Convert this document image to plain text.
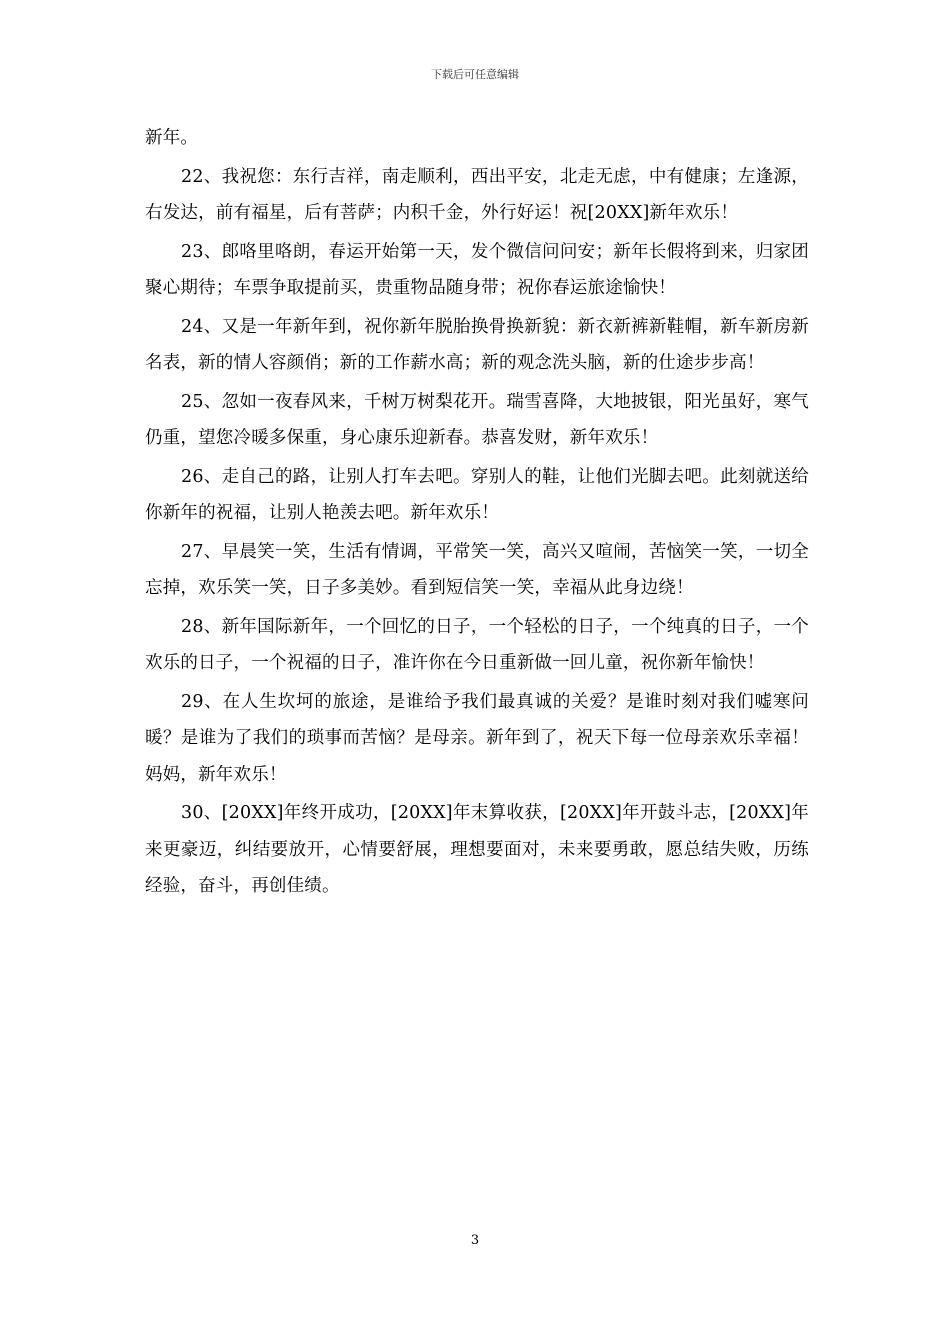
下载后可任意编辑

新年。

22、我祝您：东行吉祥，南走顺利，西出平安，北走无虑，中有健康；左逢源，右发达，前有福星，后有菩萨；内积千金，外行好运！祝[20XX]新年欢乐！

23、郎咯里咯朗，春运开始第一天，发个微信问问安；新年长假将到来，归家团聚心期待；车票争取提前买，贵重物品随身带；祝你春运旅途愉快！

24、又是一年新年到，祝你新年脱胎换骨换新貌：新衣新裤新鞋帽，新车新房新名表，新的情人容颜俏；新的工作薪水高；新的观念洗头脑，新的仕途步步高！

25、忽如一夜春风来，千树万树梨花开。瑞雪喜降，大地披银，阳光虽好，寒气仍重，望您冷暖多保重，身心康乐迎新春。恭喜发财，新年欢乐！

26、走自己的路，让别人打车去吧。穿别人的鞋，让他们光脚去吧。此刻就送给你新年的祝福，让别人艳羡去吧。新年欢乐！

27、早晨笑一笑，生活有情调，平常笑一笑，高兴又喧闹，苦恼笑一笑，一切全忘掉，欢乐笑一笑，日子多美妙。看到短信笑一笑，幸福从此身边绕！

28、新年国际新年，一个回忆的日子，一个轻松的日子，一个纯真的日子，一个欢乐的日子，一个祝福的日子，准许你在今日重新做一回儿童，祝你新年愉快！

29、在人生坎坷的旅途，是谁给予我们最真诚的关爱？是谁时刻对我们嘘寒问暖？是谁为了我们的琐事而苦恼？是母亲。新年到了，祝天下每一位母亲欢乐幸福！妈妈，新年欢乐！

30、[20XX]年终开成功，[20XX]年末算收获，[20XX]年开鼓斗志，[20XX]年来更豪迈，纠结要放开，心情要舒展，理想要面对，未来要勇敢，愿总结失败，历练经验，奋斗，再创佳绩。

3
